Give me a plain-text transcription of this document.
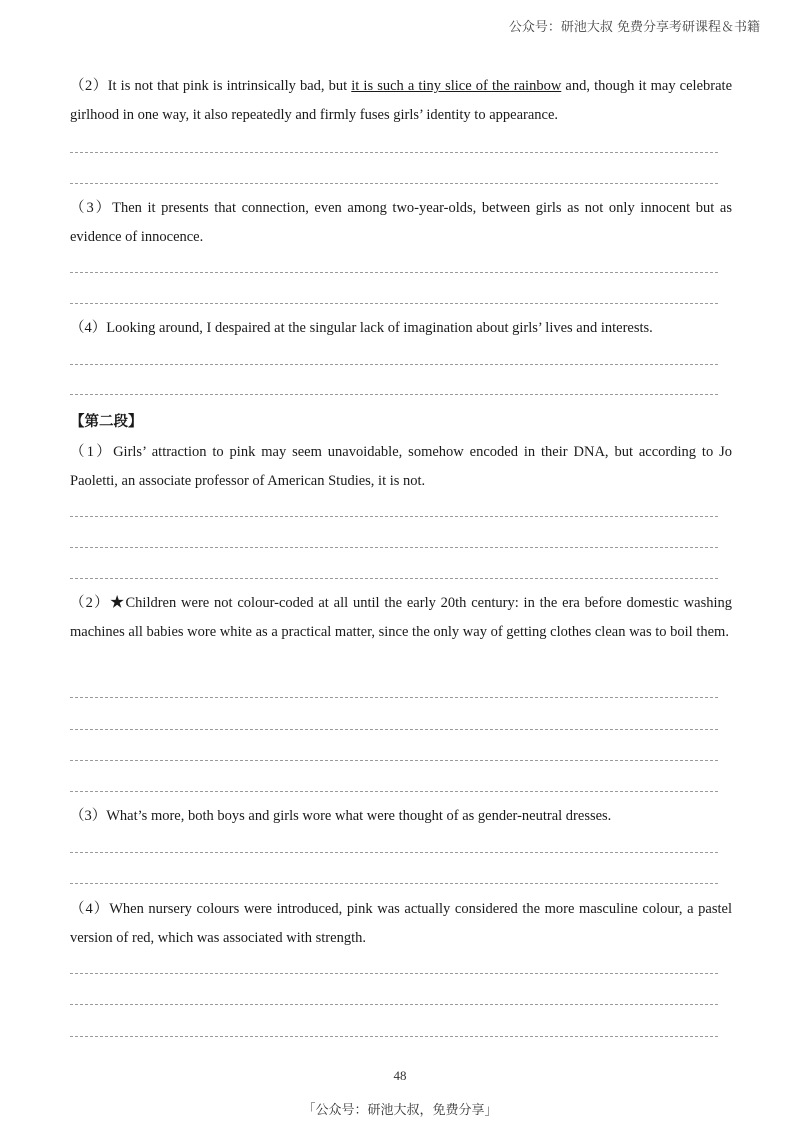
公众号：研池大叔 免费分享考研课程＆书籍
（2）It is not that pink is intrinsically bad, but it is such a tiny slice of the rainbow and, though it may celebrate girlhood in one way, it also repeatedly and firmly fuses girls’ identity to appearance.
（3）Then it presents that connection, even among two-year-olds, between girls as not only innocent but as evidence of innocence.
（4）Looking around, I despaired at the singular lack of imagination about girls’ lives and interests.
【第二段】
（1）Girls’ attraction to pink may seem unavoidable, somehow encoded in their DNA, but according to Jo Paoletti, an associate professor of American Studies, it is not.
（2）★Children were not colour-coded at all until the early 20th century: in the era before domestic washing machines all babies wore white as a practical matter, since the only way of getting clothes clean was to boil them.
（3）What’s more, both boys and girls wore what were thought of as gender-neutral dresses.
（4）When nursery colours were introduced, pink was actually considered the more masculine colour, a pastel version of red, which was associated with strength.
48
「公众号：研池大叔，免费分享」
